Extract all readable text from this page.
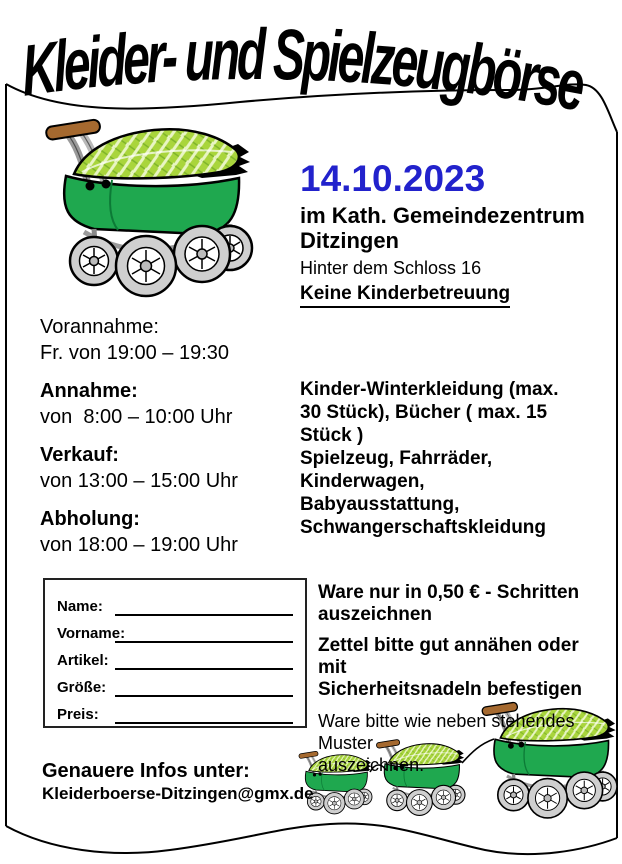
Kleider- und Spielzeugbörse
14.10.2023
im Kath. Gemeindezentrum
Ditzingen
Hinter dem Schloss 16
Keine Kinderbetreuung
Vorannahme:
Fr. von 19:00 – 19:30
Annahme:
von  8:00 – 10:00 Uhr
Verkauf:
von 13:00 – 15:00 Uhr
Abholung:
von 18:00 – 19:00 Uhr
Kinder-Winterkleidung (max.
30 Stück), Bücher ( max. 15 Stück )
Spielzeug, Fahrräder, Kinderwagen,
Babyausstattung,
Schwangerschaftskleidung
Name:
Vorname:
Artikel:
Größe:
Preis:
Ware nur in 0,50 € - Schritten
auszeichnen
Zettel bitte gut annähen oder mit
Sicherheitsnadeln befestigen
Ware bitte wie neben stehendes Muster
auszeichnen.
Genauere Infos unter:
Kleiderboerse-Ditzingen@gmx.de
